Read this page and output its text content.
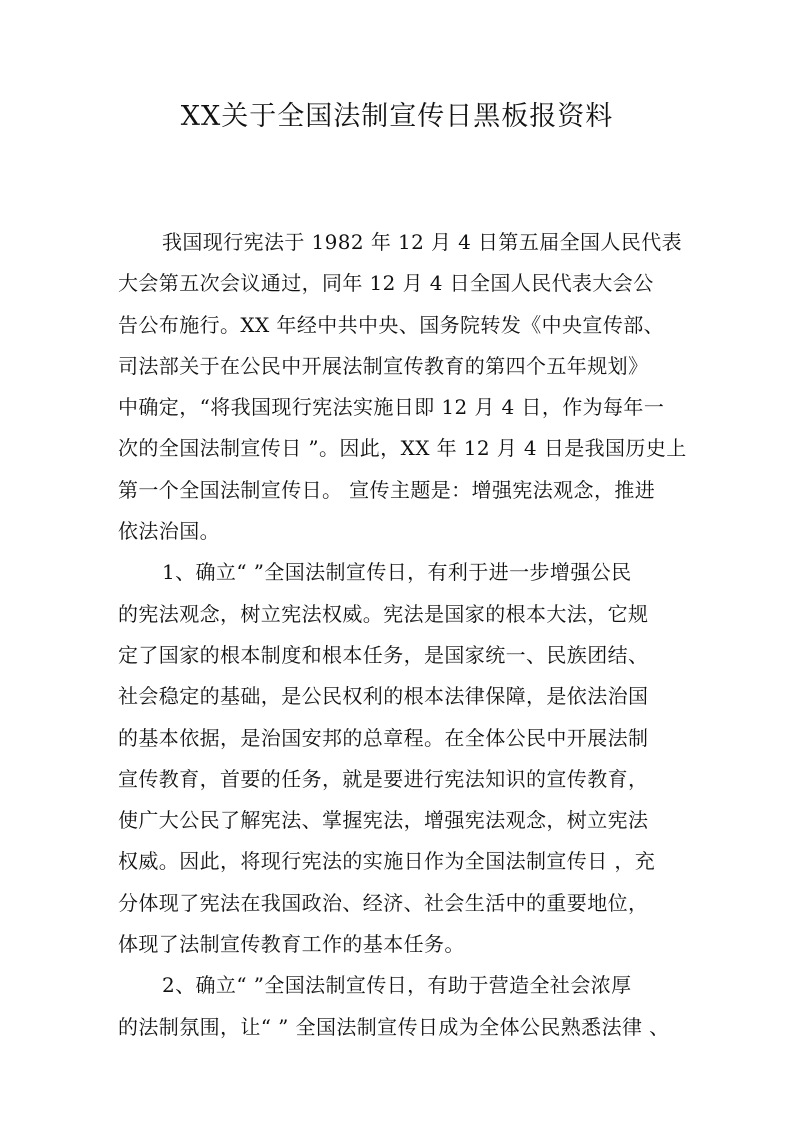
XX关于全国法制宣传日黑板报资料
我国现行宪法于 1982 年 12 月 4 日第五届全国人民代表
大会第五次会议通过，同年 12 月 4 日全国人民代表大会公
告公布施行。XX 年经中共中央、国务院转发《中央宣传部、
司法部关于在公民中开展法制宣传教育的第四个五年规划》
中确定，“将我国现行宪法实施日即 12 月 4 日，作为每年一
次的全国法制宣传日 ”。因此，XX 年 12 月 4 日是我国历史上
第一个全国法制宣传日。 宣传主题是：增强宪法观念，推进
依法治国。
1、确立“ ”全国法制宣传日，有利于进一步增强公民
的宪法观念，树立宪法权威。宪法是国家的根本大法，它规
定了国家的根本制度和根本任务，是国家统一、民族团结、
社会稳定的基础，是公民权利的根本法律保障，是依法治国
的基本依据，是治国安邦的总章程。在全体公民中开展法制
宣传教育，首要的任务，就是要进行宪法知识的宣传教育，
使广大公民了解宪法、掌握宪法，增强宪法观念，树立宪法
权威。因此，将现行宪法的实施日作为全国法制宣传日 ，充
分体现了宪法在我国政治、经济、社会生活中的重要地位，
体现了法制宣传教育工作的基本任务。
2、确立“ ”全国法制宣传日，有助于营造全社会浓厚
的法制氛围，让“ ” 全国法制宣传日成为全体公民熟悉法律 、
